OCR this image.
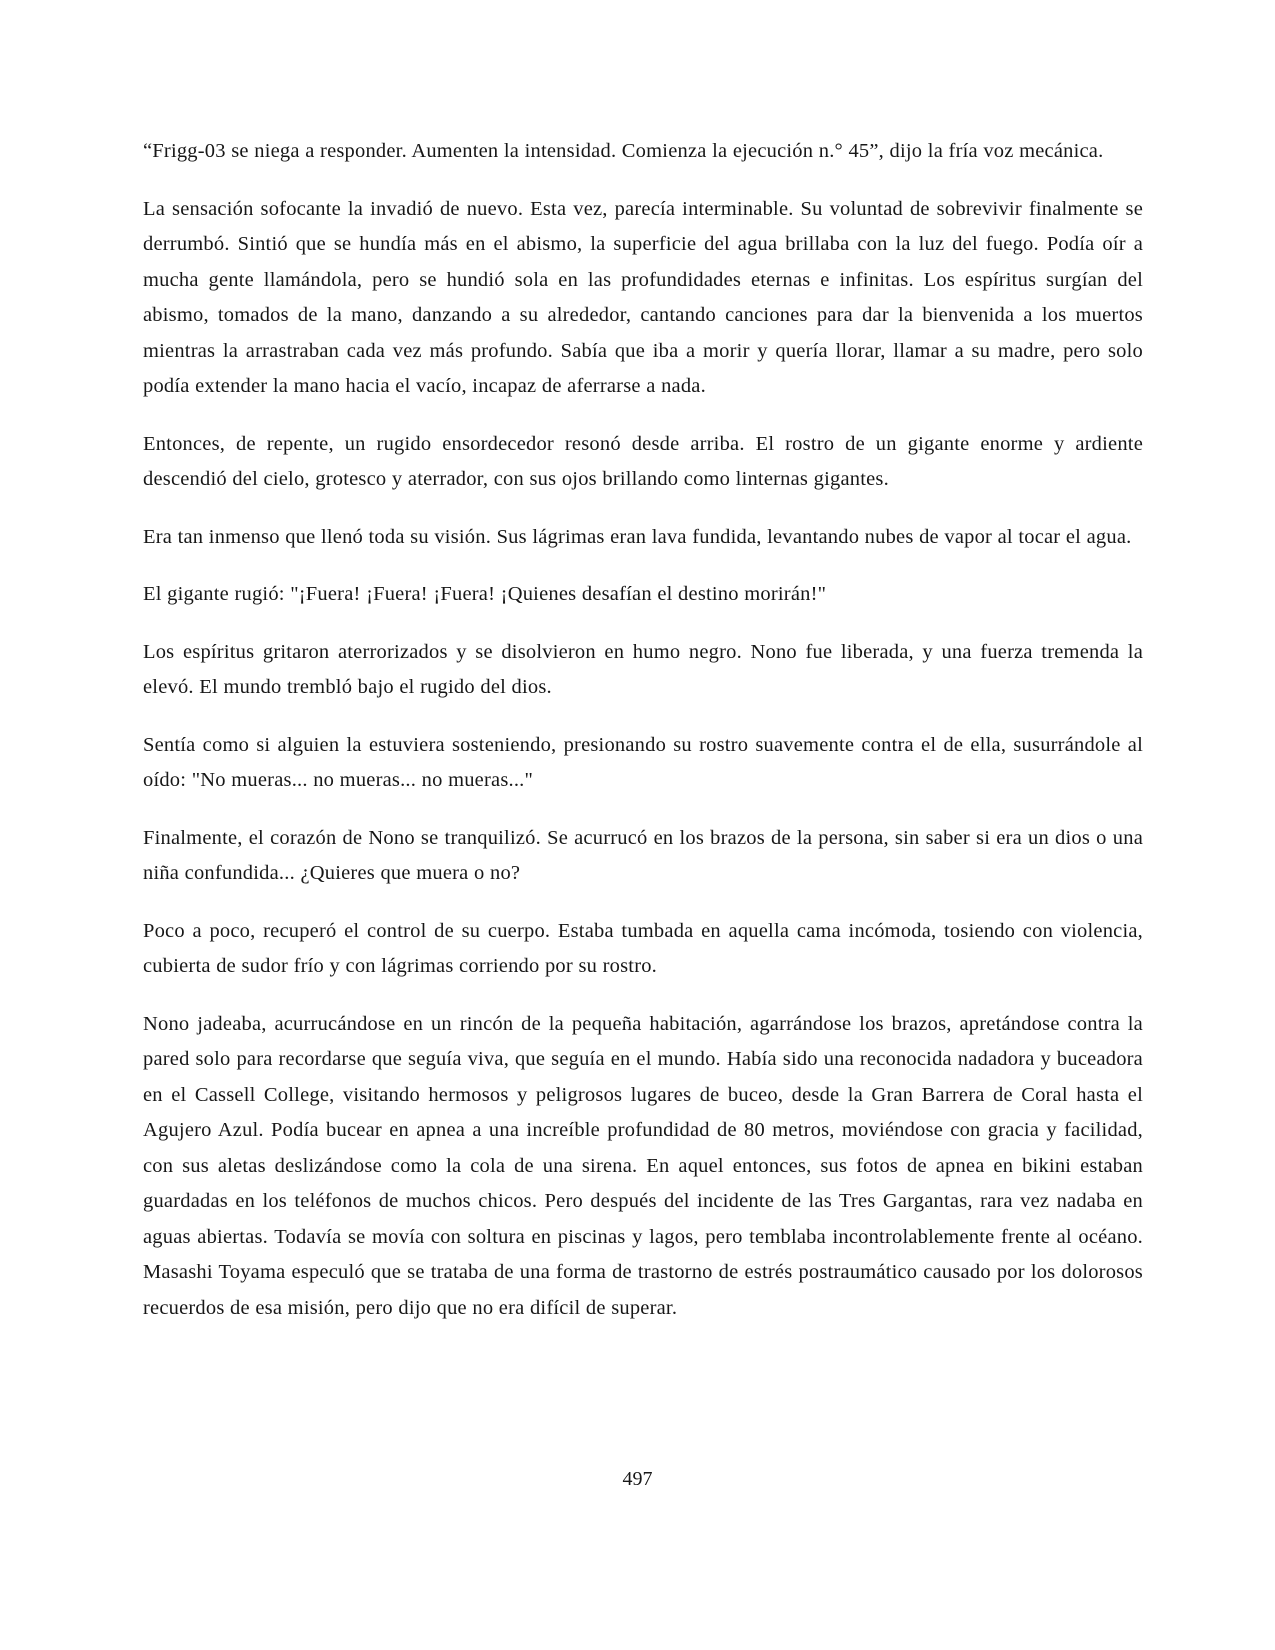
“Frigg-03 se niega a responder. Aumenten la intensidad. Comienza la ejecución n.° 45”, dijo la fría voz mecánica.

La sensación sofocante la invadió de nuevo. Esta vez, parecía interminable. Su voluntad de sobrevivir finalmente se derrumbó. Sintió que se hundía más en el abismo, la superficie del agua brillaba con la luz del fuego. Podía oír a mucha gente llamándola, pero se hundió sola en las profundidades eternas e infinitas. Los espíritus surgían del abismo, tomados de la mano, danzando a su alrededor, cantando canciones para dar la bienvenida a los muertos mientras la arrastraban cada vez más profundo. Sabía que iba a morir y quería llorar, llamar a su madre, pero solo podía extender la mano hacia el vacío, incapaz de aferrarse a nada.

Entonces, de repente, un rugido ensordecedor resonó desde arriba. El rostro de un gigante enorme y ardiente descendió del cielo, grotesco y aterrador, con sus ojos brillando como linternas gigantes.

Era tan inmenso que llenó toda su visión. Sus lágrimas eran lava fundida, levantando nubes de vapor al tocar el agua.

El gigante rugió: "¡Fuera! ¡Fuera! ¡Fuera! ¡Quienes desafían el destino morirán!"

Los espíritus gritaron aterrorizados y se disolvieron en humo negro. Nono fue liberada, y una fuerza tremenda la elevó. El mundo trembló bajo el rugido del dios.

Sentía como si alguien la estuviera sosteniendo, presionando su rostro suavemente contra el de ella, susurrándole al oído: "No mueras... no mueras... no mueras..."

Finalmente, el corazón de Nono se tranquilizó. Se acurrucó en los brazos de la persona, sin saber si era un dios o una niña confundida... ¿Quieres que muera o no?

Poco a poco, recuperó el control de su cuerpo. Estaba tumbada en aquella cama incómoda, tosiendo con violencia, cubierta de sudor frío y con lágrimas corriendo por su rostro.

Nono jadeaba, acurrucándose en un rincón de la pequeña habitación, agarrándose los brazos, apretándose contra la pared solo para recordarse que seguía viva, que seguía en el mundo. Había sido una reconocida nadadora y buceadora en el Cassell College, visitando hermosos y peligrosos lugares de buceo, desde la Gran Barrera de Coral hasta el Agujero Azul. Podía bucear en apnea a una increíble profundidad de 80 metros, moviéndose con gracia y facilidad, con sus aletas deslizándose como la cola de una sirena. En aquel entonces, sus fotos de apnea en bikini estaban guardadas en los teléfonos de muchos chicos. Pero después del incidente de las Tres Gargantas, rara vez nadaba en aguas abiertas. Todavía se movía con soltura en piscinas y lagos, pero temblaba incontrolablemente frente al océano. Masashi Toyama especuló que se trataba de una forma de trastorno de estrés postraumático causado por los dolorosos recuerdos de esa misión, pero dijo que no era difícil de superar.

497
